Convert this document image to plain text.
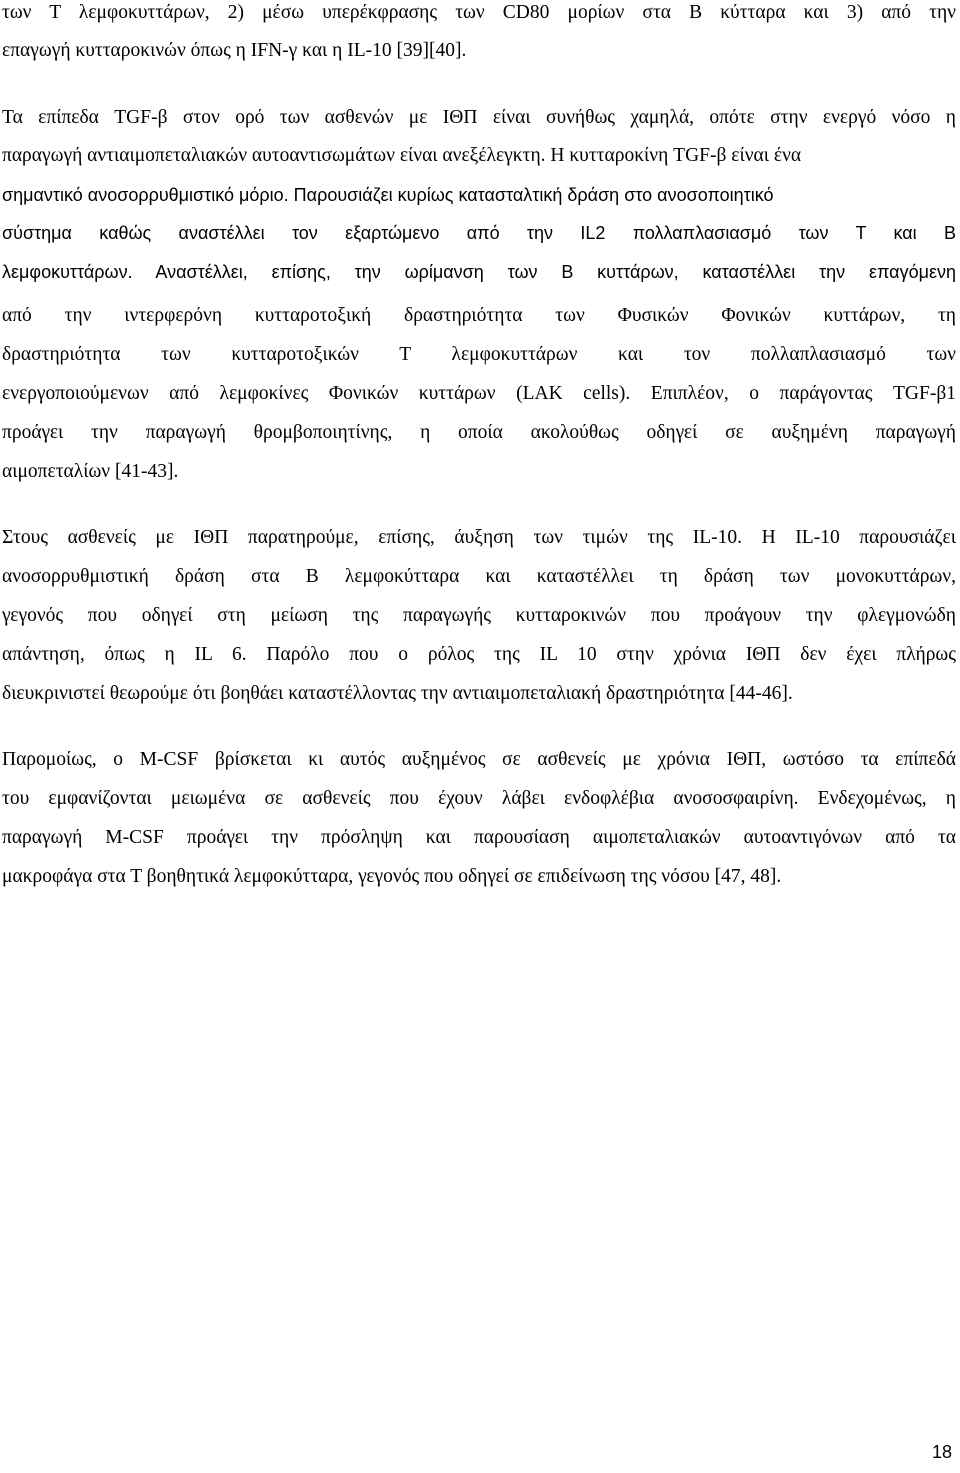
των Τ λεμφοκυττάρων, 2) μέσω υπερέκφρασης των CD80 μορίων στα Β κύτταρα και 3) από την
επαγωγή κυτταροκινών όπως η IFN-γ και η IL-10 [39][40].
Τα επίπεδα TGF-β στον ορό των ασθενών με ΙΘΠ είναι συνήθως χαμηλά, οπότε στην ενεργό νόσο η
παραγωγή αντιαιμοπεταλιακών αυτοαντισωμάτων είναι ανεξέλεγκτη. Η κυτταροκίνη TGF-β είναι ένα
σημαντικό ανοσορρυθμιστικό μόριο. Παρουσιάζει κυρίως κατασταλτική δράση στο ανοσοποιητικό
σύστημα καθώς αναστέλλει τον εξαρτώμενο από την IL2 πολλαπλασιασμό των Τ και Β
λεμφοκυττάρων. Αναστέλλει, επίσης, την ωρίμανση των Β κυττάρων, καταστέλλει την επαγόμενη
από την ιντερφερόνη κυτταροτοξική δραστηριότητα των Φυσικών Φονικών κυττάρων, τη
δραστηριότητα των κυτταροτοξικών Τ λεμφοκυττάρων και τον πολλαπλασιασμό των
ενεργοποιούμενων από λεμφοκίνες Φονικών κυττάρων (LAK cells). Επιπλέον, ο παράγοντας TGF-β1
προάγει την παραγωγή θρομβοποιητίνης, η οποία ακολούθως οδηγεί σε αυξημένη παραγωγή
αιμοπεταλίων [41-43].
Στους ασθενείς με ΙΘΠ παρατηρούμε, επίσης, άυξηση των τιμών της IL-10. Η IL-10 παρουσιάζει
ανοσορρυθμιστική δράση στα Β λεμφοκύτταρα και καταστέλλει τη δράση των μονοκυττάρων,
γεγονός που οδηγεί στη μείωση της παραγωγής κυτταροκινών που προάγουν την φλεγμονώδη
απάντηση, όπως η IL 6. Παρόλο που ο ρόλος της IL 10 στην χρόνια ΙΘΠ δεν έχει πλήρως
διευκρινιστεί θεωρούμε ότι βοηθάει καταστέλλοντας την αντιαιμοπεταλιακή δραστηριότητα [44-46].
Παρομοίως, ο M-CSF βρίσκεται κι αυτός αυξημένος σε ασθενείς με χρόνια ΙΘΠ, ωστόσο τα επίπεδά
του εμφανίζονται μειωμένα σε ασθενείς που έχουν λάβει ενδοφλέβια ανοσοσφαιρίνη. Ενδεχομένως, η
παραγωγή M-CSF προάγει την πρόσληψη και παρουσίαση αιμοπεταλιακών αυτοαντιγόνων από τα
μακροφάγα στα Τ βοηθητικά λεμφοκύτταρα, γεγονός που οδηγεί σε επιδείνωση της νόσου [47, 48].
18
